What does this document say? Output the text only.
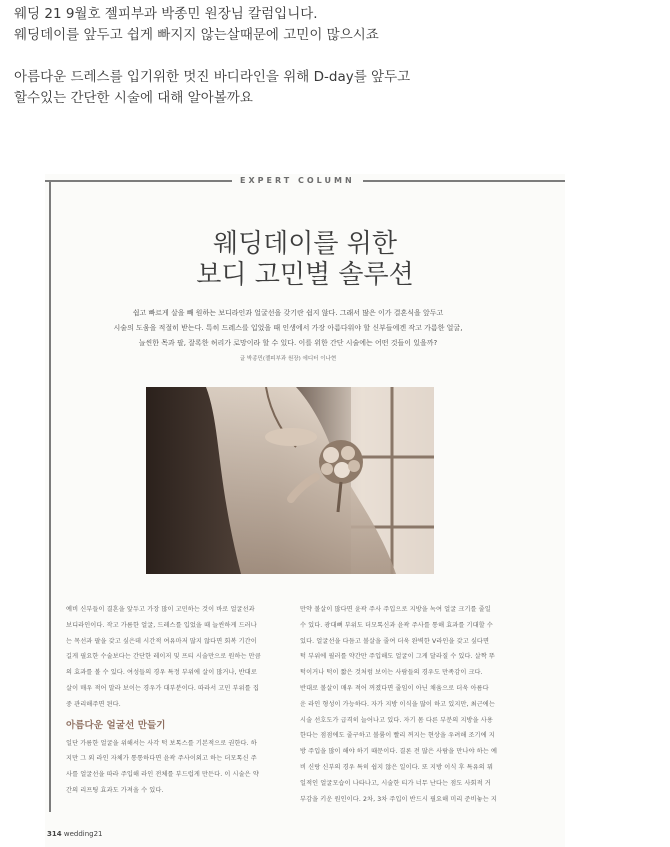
웨딩 21 9월호 젤피부과 박종민 원장님 칼럼입니다.
웨딩데이를 앞두고 쉽게 빠지지 않는살때문에 고민이 많으시죠
아름다운 드레스를 입기위한 멋진 바디라인을 위해 D-day를 앞두고
할수있는 간단한 시술에 대해 알아볼까요
EXPERT COLUMN
웨딩데이를 위한
보디 고민별 솔루션
쉽고 빠르게 살을 빼 원하는 보디라인과 얼굴선을 갖기란 쉽지 않다. 그래서 많은 이가 결혼식을 앞두고
시술의 도움을 적절히 받는다. 특히 드레스를 입었을 때 인생에서 가장 아름다워야 할 신부들에겐 작고 가름한 얼굴,
늘씬한 목과 팔, 잘록한 허리가 로망이라 할 수 있다. 이를 위한 간단 시술에는 어떤 것들이 있을까?
글 박종민(젤피부과 원장) 에디터 이나현
예비 신부들이 결혼을 앞두고 가장 많이 고민하는 것이 바로 얼굴선과
보디라인이다. 작고 가름한 얼굴, 드레스를 입었을 때 늘씬하게 드러나
는 목선과 팔을 갖고 싶은데 시간적 여유마저 많지 않다면 회복 기간이
길게 필요한 수술보다는 간단한 레이저 및 프티 시술만으로 원하는 만큼
의 효과를 볼 수 있다. 여성들의 경우 특정 부위에 살이 많거나, 반대로
살이 매우 적어 말라 보이는 경우가 대부분이다. 따라서 고민 부위를 집
중 관리해주면 된다.
아름다운 얼굴선 만들기
일단 가름한 얼굴을 위해서는 사각 턱 보톡스를 기본적으로 권한다. 하
지만 그 외 라인 자체가 통통하다면 윤곽 주사이외고 하는 더모톡신 주
사를 얼굴선을 따라 주입해 라인 전체를 부드럽게 만든다. 이 시술은 약
간의 리프팅 효과도 가져올 수 있다.
만약 볼살이 많다면 윤곽 주사 주입으로 지방을 녹여 얼굴 크기를 줄일
수 있다. 광대뼈 부위도 더모톡신과 윤곽 주사를 통해 효과를 기대할 수
있다. 얼굴선을 다듬고 볼살을 줄여 더욱 완벽한 V라인을 갖고 싶다면
턱 부위에 필러를 약간만 주입해도 얼굴이 그게 달라질 수 있다. 살짝 뚜
턱이거나 턱이 짧은 것처럼 보이는 사람들의 경우도 만족감이 크다.
반대로 볼살이 매우 적어 꺼졌다면 줄임이 아닌 채움으로 더욱 아름다
운 라인 형성이 가능하다. 자가 지방 이식을 많이 하고 있지만, 최근에는
시술 선호도가 급격히 늘어나고 있다. 자기 몸 다른 부분의 지방을 사용
한다는 점점에도 줄구하고 볼륨이 빨리 꺼지는 현상을 우려해 조기에 지
방 주입을 많이 해야 하기 때문이다. 결론 전 많은 사람을 만나야 하는 예
비 신랑 신부의 경우 특히 쉽지 않은 일이다. 또 지방 이식 후 특유의 뭐
일적인 얼굴모습이 나타나고, 시술한 티가 너무 난다는 점도 사회적 거
부감을 키운 원인이다. 2차, 3차 주입이 반드시 필요해 미리 준비놓는 지
314 wedding21
